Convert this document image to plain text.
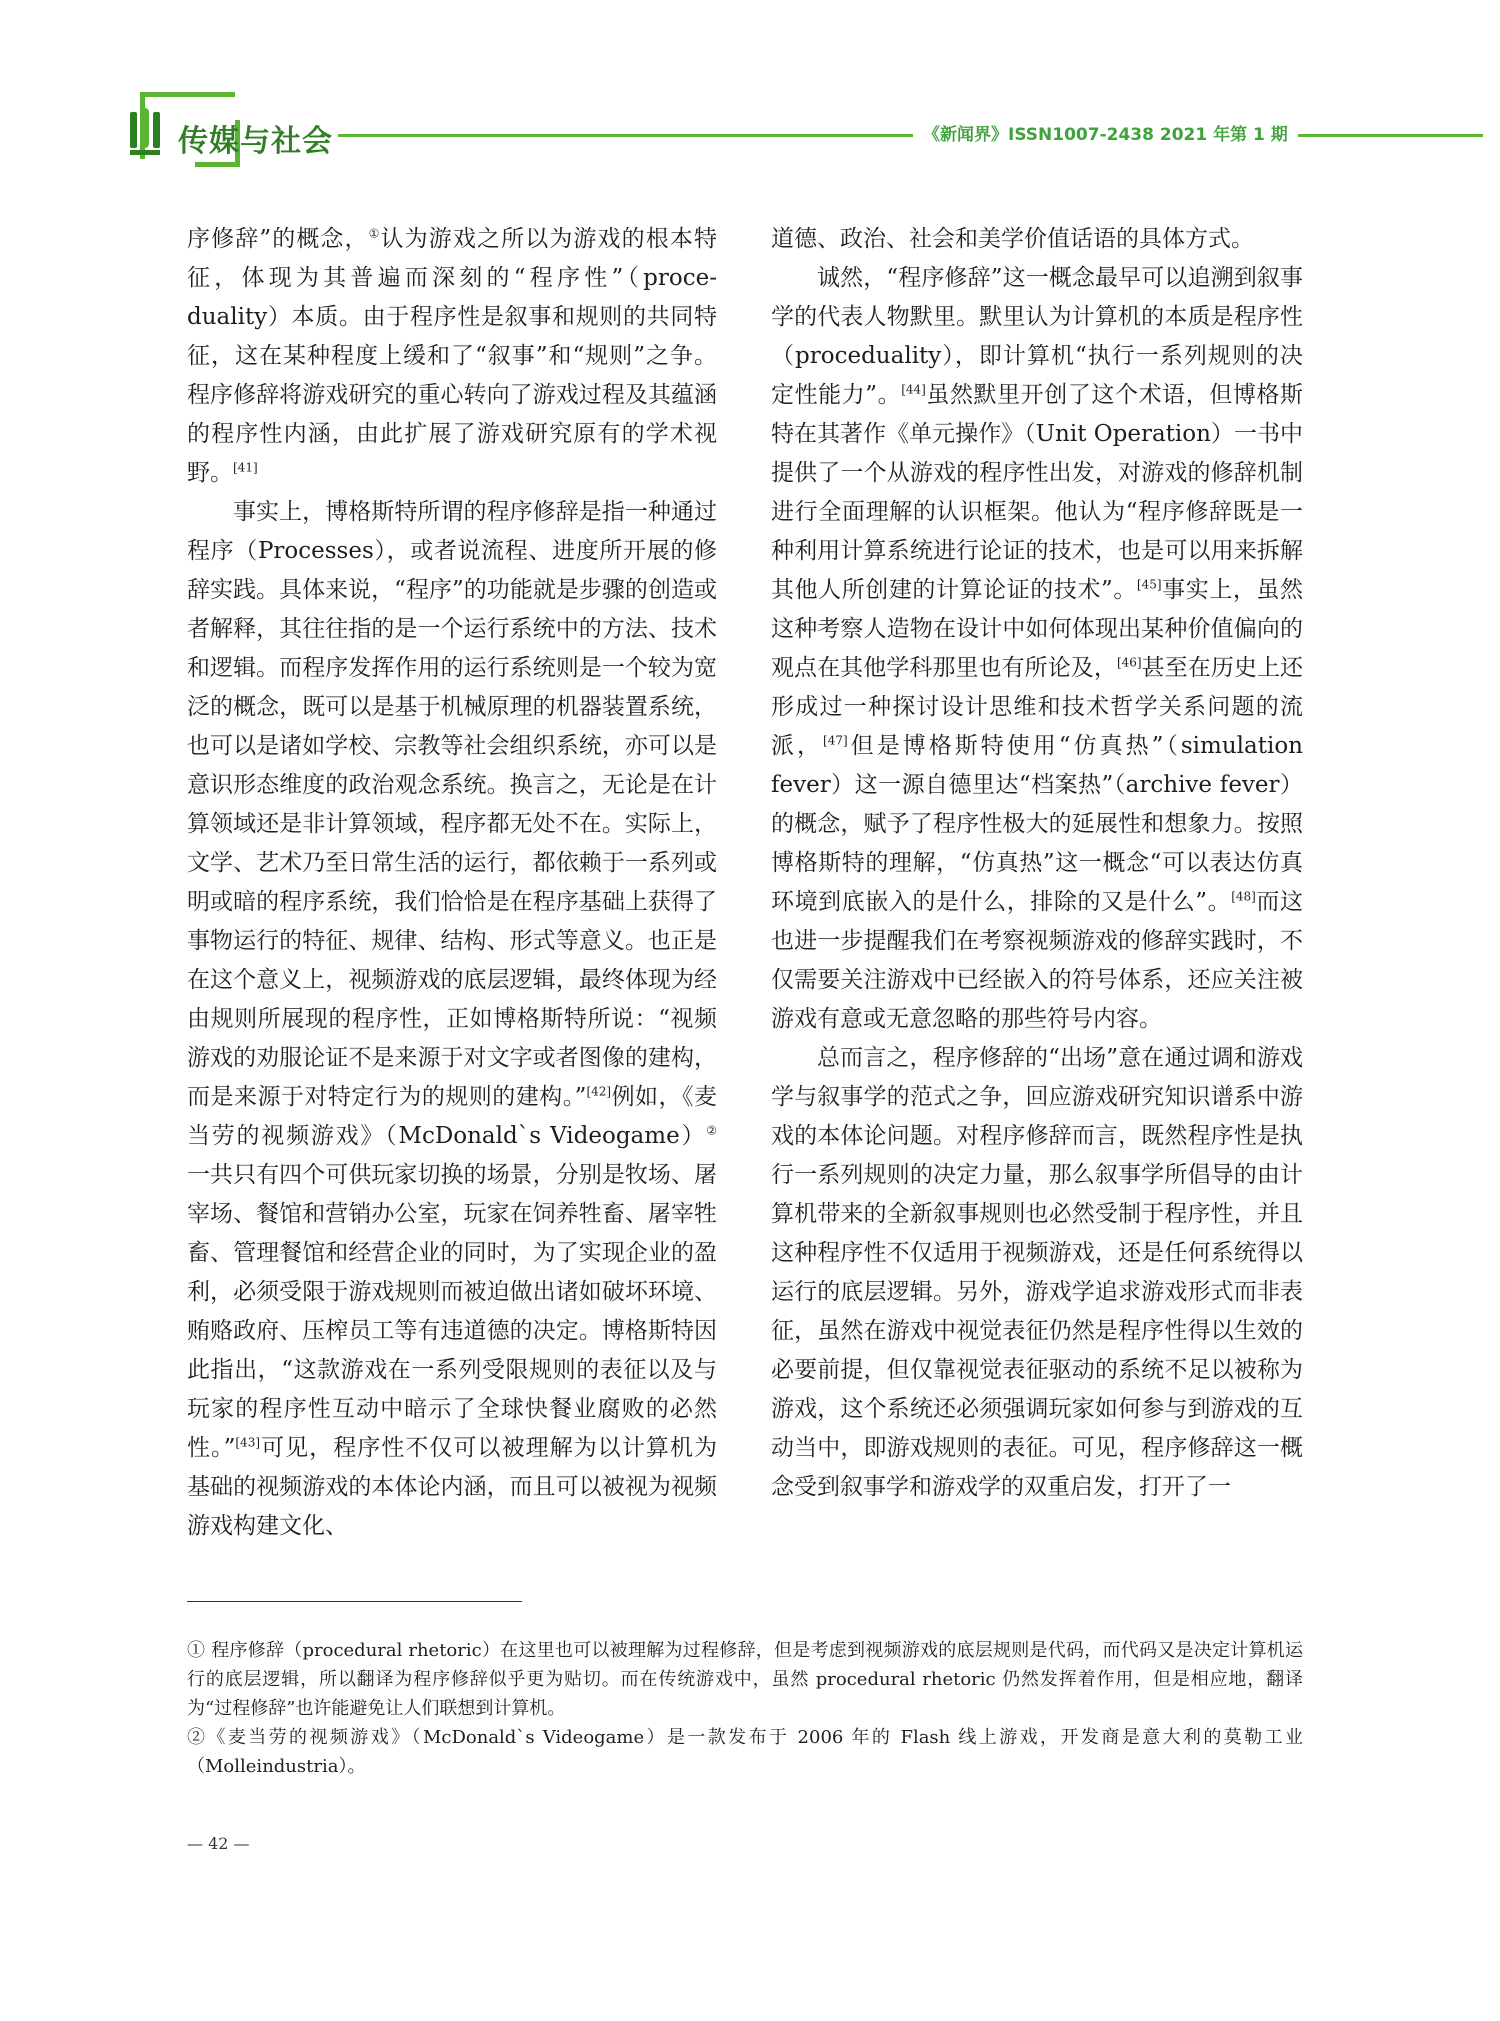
传媒与社会	《新闻界》ISSN1007-2438 2021 年第 1 期

序修辞”的概念，①认为游戏之所以为游戏的根本特征，体现为其普遍而深刻的“程序性”（proce-duality）本质。由于程序性是叙事和规则的共同特征，这在某种程度上缓和了“叙事”和“规则”之争。程序修辞将游戏研究的重心转向了游戏过程及其蕴涵的程序性内涵，由此扩展了游戏研究原有的学术视野。[41]

事实上，博格斯特所谓的程序修辞是指一种通过程序（Processes），或者说流程、进度所开展的修辞实践。具体来说，“程序”的功能就是步骤的创造或者解释，其往往指的是一个运行系统中的方法、技术和逻辑。而程序发挥作用的运行系统则是一个较为宽泛的概念，既可以是基于机械原理的机器装置系统，也可以是诸如学校、宗教等社会组织系统，亦可以是意识形态维度的政治观念系统。换言之，无论是在计算领域还是非计算领域，程序都无处不在。实际上，文学、艺术乃至日常生活的运行，都依赖于一系列或明或暗的程序系统，我们恰恰是在程序基础上获得了事物运行的特征、规律、结构、形式等意义。也正是在这个意义上，视频游戏的底层逻辑，最终体现为经由规则所展现的程序性，正如博格斯特所说：“视频游戏的劝服论证不是来源于对文字或者图像的建构，而是来源于对特定行为的规则的建构。”[42]例如，《麦当劳的视频游戏》（McDonald`s Videogame）②一共只有四个可供玩家切换的场景，分别是牧场、屠宰场、餐馆和营销办公室，玩家在饲养牲畜、屠宰牲畜、管理餐馆和经营企业的同时，为了实现企业的盈利，必须受限于游戏规则而被迫做出诸如破坏环境、贿赂政府、压榨员工等有违道德的决定。博格斯特因此指出，“这款游戏在一系列受限规则的表征以及与玩家的程序性互动中暗示了全球快餐业腐败的必然性。”[43]可见，程序性不仅可以被理解为以计算机为基础的视频游戏的本体论内涵，而且可以被视为视频游戏构建文化、

道德、政治、社会和美学价值话语的具体方式。

诚然，“程序修辞”这一概念最早可以追溯到叙事学的代表人物默里。默里认为计算机的本质是程序性（proceduality），即计算机“执行一系列规则的决定性能力”。[44]虽然默里开创了这个术语，但博格斯特在其著作《单元操作》（Unit Operation）一书中提供了一个从游戏的程序性出发，对游戏的修辞机制进行全面理解的认识框架。他认为“程序修辞既是一种利用计算系统进行论证的技术，也是可以用来拆解其他人所创建的计算论证的技术”。[45]事实上，虽然这种考察人造物在设计中如何体现出某种价值偏向的观点在其他学科那里也有所论及，[46]甚至在历史上还形成过一种探讨设计思维和技术哲学关系问题的流派，[47]但是博格斯特使用“仿真热”（simulation fever）这一源自德里达“档案热”（archive fever）的概念，赋予了程序性极大的延展性和想象力。按照博格斯特的理解，“仿真热”这一概念“可以表达仿真环境到底嵌入的是什么，排除的又是什么”。[48]而这也进一步提醒我们在考察视频游戏的修辞实践时，不仅需要关注游戏中已经嵌入的符号体系，还应关注被游戏有意或无意忽略的那些符号内容。

总而言之，程序修辞的“出场”意在通过调和游戏学与叙事学的范式之争，回应游戏研究知识谱系中游戏的本体论问题。对程序修辞而言，既然程序性是执行一系列规则的决定力量，那么叙事学所倡导的由计算机带来的全新叙事规则也必然受制于程序性，并且这种程序性不仅适用于视频游戏，还是任何系统得以运行的底层逻辑。另外，游戏学追求游戏形式而非表征，虽然在游戏中视觉表征仍然是程序性得以生效的必要前提，但仅靠视觉表征驱动的系统不足以被称为游戏，这个系统还必须强调玩家如何参与到游戏的互动当中，即游戏规则的表征。可见，程序修辞这一概念受到叙事学和游戏学的双重启发，打开了一

① 程序修辞（procedural rhetoric）在这里也可以被理解为过程修辞，但是考虑到视频游戏的底层规则是代码，而代码又是决定计算机运行的底层逻辑，所以翻译为程序修辞似乎更为贴切。而在传统游戏中，虽然 procedural rhetoric 仍然发挥着作用，但是相应地，翻译为“过程修辞”也许能避免让人们联想到计算机。

②《麦当劳的视频游戏》（McDonald`s Videogame）是一款发布于 2006 年的 Flash 线上游戏，开发商是意大利的莫勒工业（Molleindustria）。

— 42 —
